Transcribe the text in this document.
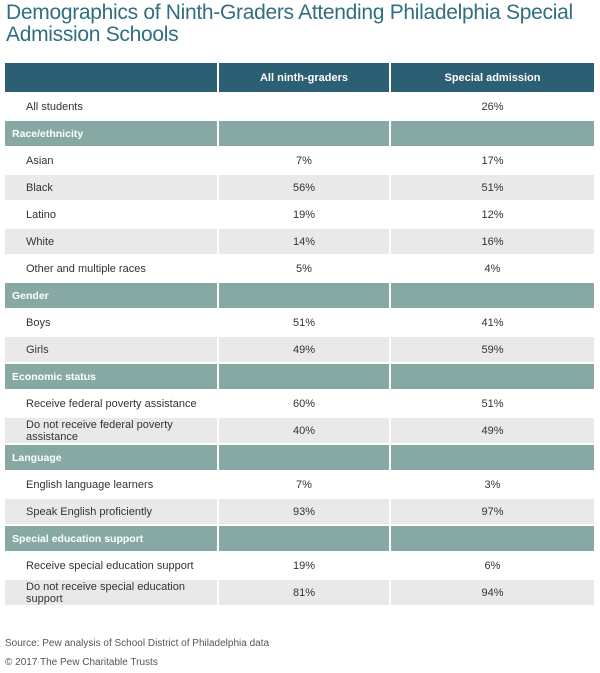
Demographics of Ninth-Graders Attending Philadelphia Special Admission Schools
	All ninth-graders	Special admission
All students		26%
Race/ethnicity		
Asian	7%	17%
Black	56%	51%
Latino	19%	12%
White	14%	16%
Other and multiple races	5%	4%
Gender		
Boys	51%	41%
Girls	49%	59%
Economic status		
Receive federal poverty assistance	60%	51%
Do not receive federal poverty assistance	40%	49%
Language		
English language learners	7%	3%
Speak English proficiently	93%	97%
Special education support		
Receive special education support	19%	6%
Do not receive special education support	81%	94%
Source: Pew analysis of School District of Philadelphia data
© 2017 The Pew Charitable Trusts
